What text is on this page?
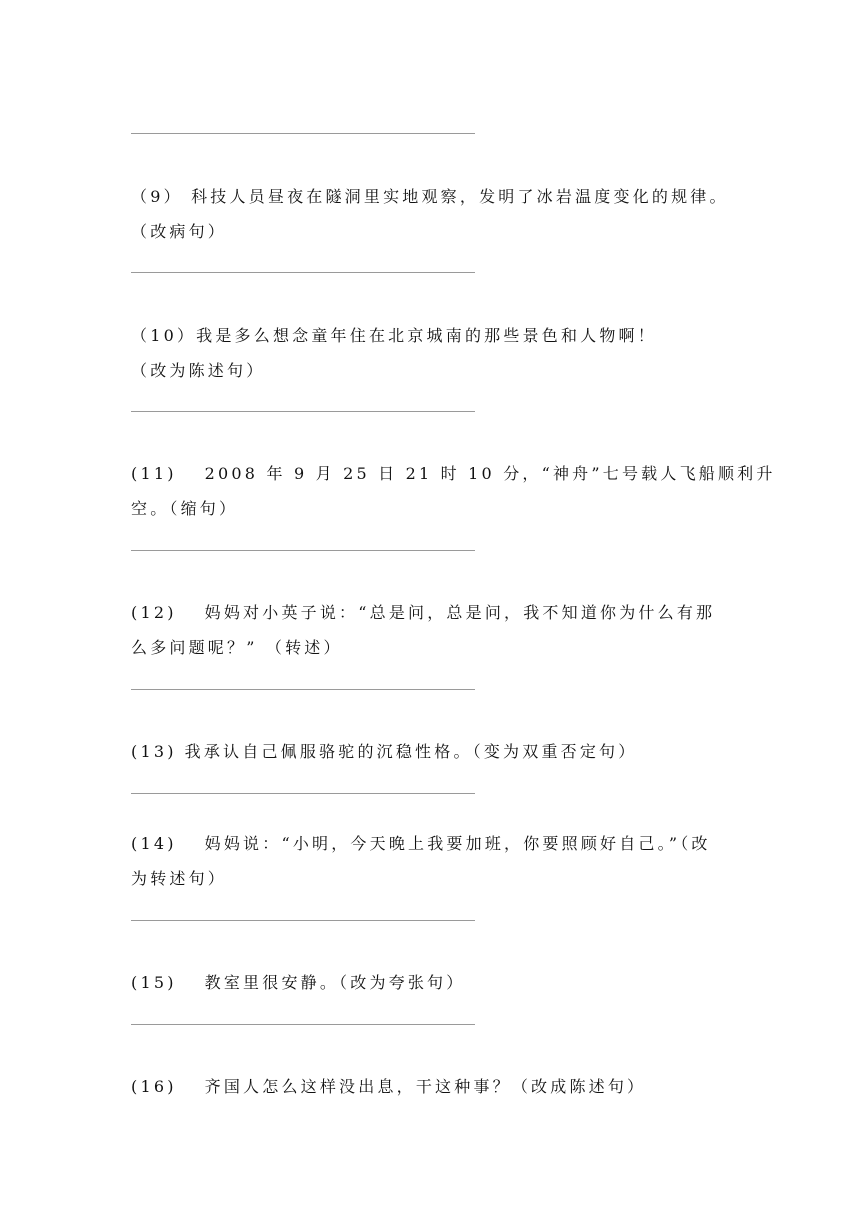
（9） 科技人员昼夜在隧洞里实地观察，发明了冰岩温度变化的规律。
（改病句）
（10）我是多么想念童年住在北京城南的那些景色和人物啊！
（改为陈述句）
(11) 2008 年 9 月 25 日 21 时 10 分，“神舟”七号载人飞船顺利升
空。（缩句）
(12) 妈妈对小英子说：“总是问，总是问，我不知道你为什么有那
么多问题呢？” （转述）
(13) 我承认自己佩服骆驼的沉稳性格。（变为双重否定句）
(14) 妈妈说：“小明，今天晚上我要加班，你要照顾好自己。”（改
为转述句）
(15) 教室里很安静。（改为夸张句）
(16) 齐国人怎么这样没出息，干这种事？（改成陈述句）
